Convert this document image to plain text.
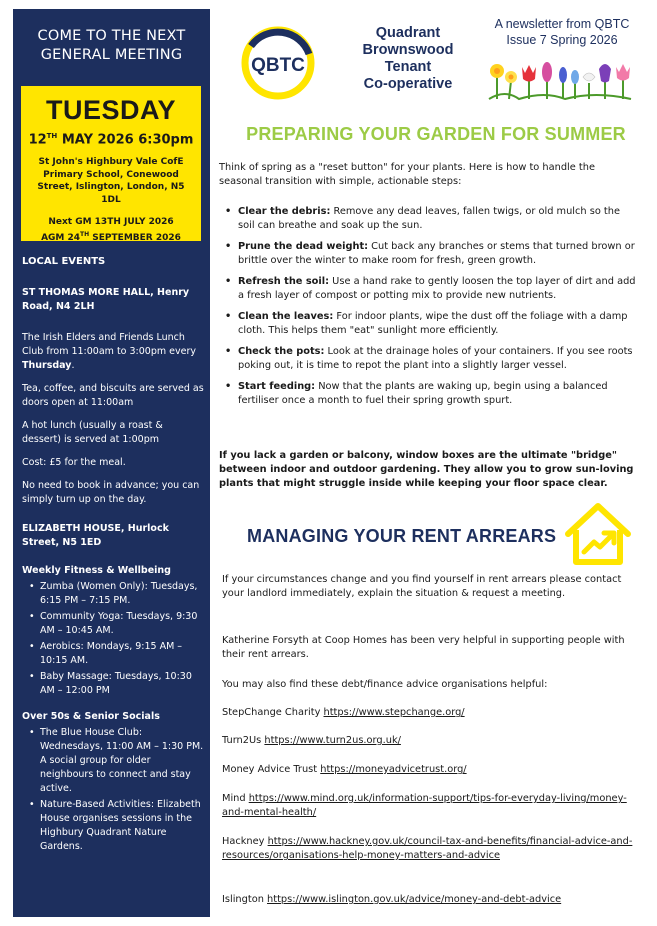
COME TO THE NEXT
GENERAL MEETING
TUESDAY
12TH MAY 2026 6:30pm
St John's Highbury Vale CofE
Primary School, Conewood
Street, Islington, London, N5 1DL
Next GM 13TH JULY 2026
AGM 24TH SEPTEMBER 2026
LOCAL EVENTS
ST THOMAS MORE HALL, Henry Road, N4 2LH
The Irish Elders and Friends Lunch Club from 11:00am to 3:00pm every Thursday.
Tea, coffee, and biscuits are served as doors open at 11:00am
A hot lunch (usually a roast & dessert) is served at 1:00pm
Cost: £5 for the meal.
No need to book in advance; you can simply turn up on the day.
ELIZABETH HOUSE, Hurlock Street, N5 1ED
Weekly Fitness & Wellbeing
• Zumba (Women Only): Tuesdays, 6:15 PM – 7:15 PM.
• Community Yoga: Tuesdays, 9:30 AM – 10:45 AM.
• Aerobics: Mondays, 9:15 AM – 10:15 AM.
• Baby Massage: Tuesdays, 10:30 AM – 12:00 PM
Over 50s & Senior Socials
• The Blue House Club: Wednesdays, 11:00 AM – 1:30 PM. A social group for older neighbours to connect and stay active.
• Nature-Based Activities: Elizabeth House organises sessions in the Highbury Quadrant Nature Gardens.
QBTC
Quadrant
Brownswood
Tenant
Co-operative
A newsletter from QBTC
Issue 7 Spring 2026
PREPARING YOUR GARDEN FOR SUMMER
Think of spring as a "reset button" for your plants. Here is how to handle the seasonal transition with simple, actionable steps:
• Clear the debris: Remove any dead leaves, fallen twigs, or old mulch so the soil can breathe and soak up the sun.
• Prune the dead weight: Cut back any branches or stems that turned brown or brittle over the winter to make room for fresh, green growth.
• Refresh the soil: Use a hand rake to gently loosen the top layer of dirt and add a fresh layer of compost or potting mix to provide new nutrients.
• Clean the leaves: For indoor plants, wipe the dust off the foliage with a damp cloth. This helps them "eat" sunlight more efficiently.
• Check the pots: Look at the drainage holes of your containers. If you see roots poking out, it is time to repot the plant into a slightly larger vessel.
• Start feeding: Now that the plants are waking up, begin using a balanced fertiliser once a month to fuel their spring growth spurt.
If you lack a garden or balcony, window boxes are the ultimate "bridge" between indoor and outdoor gardening. They allow you to grow sun-loving plants that might struggle inside while keeping your floor space clear.
MANAGING YOUR RENT ARREARS
If your circumstances change and you find yourself in rent arrears please contact your landlord immediately, explain the situation & request a meeting.
Katherine Forsyth at Coop Homes has been very helpful in supporting people with their rent arrears.
You may also find these debt/finance advice organisations helpful:
StepChange Charity https://www.stepchange.org/
Turn2Us https://www.turn2us.org.uk/
Money Advice Trust https://moneyadvicetrust.org/
Mind https://www.mind.org.uk/information-support/tips-for-everyday-living/money-and-mental-health/
Hackney https://www.hackney.gov.uk/council-tax-and-benefits/financial-advice-and-resources/organisations-help-money-matters-and-advice
Islington https://www.islington.gov.uk/advice/money-and-debt-advice
